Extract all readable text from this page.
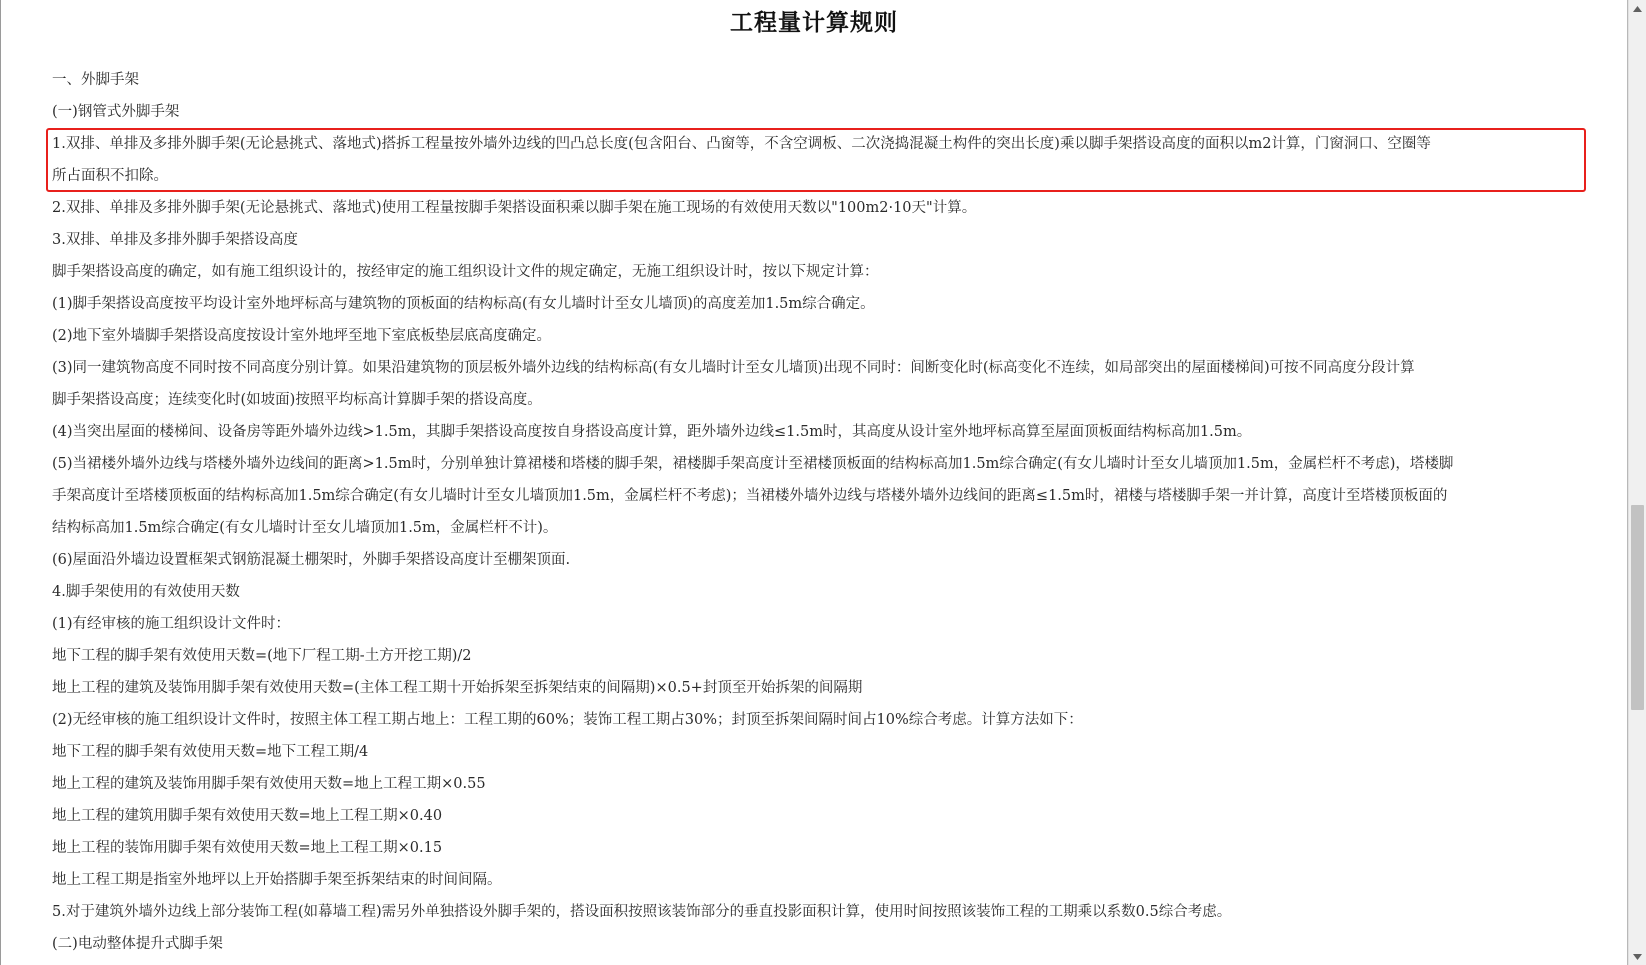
工程量计算规则
一、外脚手架
(一)钢管式外脚手架
1.双排、单排及多排外脚手架(无论悬挑式、落地式)搭拆工程量按外墙外边线的凹凸总长度(包含阳台、凸窗等，不含空调板、二次浇捣混凝土构件的突出长度)乘以脚手架搭设高度的面积以m2计算，门窗洞口、空圈等
所占面积不扣除。
2.双排、单排及多排外脚手架(无论悬挑式、落地式)使用工程量按脚手架搭设面积乘以脚手架在施工现场的有效使用天数以"100m2·10天"计算。
3.双排、单排及多排外脚手架搭设高度
脚手架搭设高度的确定，如有施工组织设计的，按经审定的施工组织设计文件的规定确定，无施工组织设计时，按以下规定计算：
(1)脚手架搭设高度按平均设计室外地坪标高与建筑物的顶板面的结构标高(有女儿墙时计至女儿墙顶)的高度差加1.5m综合确定。
(2)地下室外墙脚手架搭设高度按设计室外地坪至地下室底板垫层底高度确定。
(3)同一建筑物高度不同时按不同高度分别计算。如果沿建筑物的顶层板外墙外边线的结构标高(有女儿墙时计至女儿墙顶)出现不同时：间断变化时(标高变化不连续，如局部突出的屋面楼梯间)可按不同高度分段计算
脚手架搭设高度；连续变化时(如坡面)按照平均标高计算脚手架的搭设高度。
(4)当突出屋面的楼梯间、设备房等距外墙外边线>1.5m，其脚手架搭设高度按自身搭设高度计算，距外墙外边线≤1.5m时，其高度从设计室外地坪标高算至屋面顶板面结构标高加1.5m。
(5)当裙楼外墙外边线与塔楼外墙外边线间的距离>1.5m时，分别单独计算裙楼和塔楼的脚手架，裙楼脚手架高度计至裙楼顶板面的结构标高加1.5m综合确定(有女儿墙时计至女儿墙顶加1.5m，金属栏杆不考虑)，塔楼脚
手架高度计至塔楼顶板面的结构标高加1.5m综合确定(有女儿墙时计至女儿墙顶加1.5m，金属栏杆不考虑)；当裙楼外墙外边线与塔楼外墙外边线间的距离≤1.5m时，裙楼与塔楼脚手架一并计算，高度计至塔楼顶板面的
结构标高加1.5m综合确定(有女儿墙时计至女儿墙顶加1.5m，金属栏杆不计)。
(6)屋面沿外墙边设置框架式钢筋混凝土棚架时，外脚手架搭设高度计至棚架顶面.
4.脚手架使用的有效使用天数
(1)有经审核的施工组织设计文件时：
地下工程的脚手架有效使用天数=(地下厂程工期-土方开挖工期)/2
地上工程的建筑及装饰用脚手架有效使用天数=(主体工程工期十开始拆架至拆架结束的间隔期)×0.5+封顶至开始拆架的间隔期
(2)无经审核的施工组织设计文件时，按照主体工程工期占地上：工程工期的60%；装饰工程工期占30%；封顶至拆架间隔时间占10%综合考虑。计算方法如下：
地下工程的脚手架有效使用天数=地下工程工期/4
地上工程的建筑及装饰用脚手架有效使用天数=地上工程工期×0.55
地上工程的建筑用脚手架有效使用天数=地上工程工期×0.40
地上工程的装饰用脚手架有效使用天数=地上工程工期×0.15
地上工程工期是指室外地坪以上开始搭脚手架至拆架结束的时间间隔。
5.对于建筑外墙外边线上部分装饰工程(如幕墙工程)需另外单独搭设外脚手架的，搭设面积按照该装饰部分的垂直投影面积计算，使用时间按照该装饰工程的工期乘以系数0.5综合考虑。
(二)电动整体提升式脚手架
